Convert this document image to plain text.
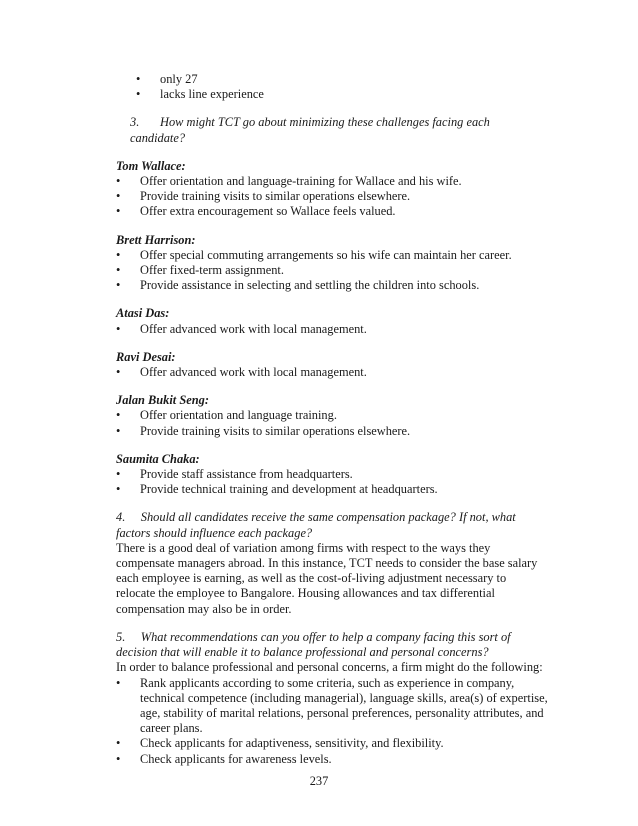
•	only 27
•	lacks line experience
3. How might TCT go about minimizing these challenges facing each
candidate?
Tom Wallace:
•	Offer orientation and language-training for Wallace and his wife.
•	Provide training visits to similar operations elsewhere.
•	Offer extra encouragement so Wallace feels valued.
Brett Harrison:
•	Offer special commuting arrangements so his wife can maintain her career.
•	Offer fixed-term assignment.
•	Provide assistance in selecting and settling the children into schools.
Atasi Das:
•	Offer advanced work with local management.
Ravi Desai:
•	Offer advanced work with local management.
Jalan Bukit Seng:
•	Offer orientation and language training.
•	Provide training visits to similar operations elsewhere.
Saumita Chaka:
•	Provide staff assistance from headquarters.
•	Provide technical training and development at headquarters.
4.     Should all candidates receive the same compensation package? If not, what
factors should influence each package?
There is a good deal of variation among firms with respect to the ways they
compensate managers abroad. In this instance, TCT needs to consider the base salary
each employee is earning, as well as the cost-of-living adjustment necessary to
relocate the employee to Bangalore. Housing allowances and tax differential
compensation may also be in order.
5.     What recommendations can you offer to help a company facing this sort of
decision that will enable it to balance professional and personal concerns?
In order to balance professional and personal concerns, a firm might do the following:
•	Rank applicants according to some criteria, such as experience in company,
technical competence (including managerial), language skills, area(s) of expertise,
age, stability of marital relations, personal preferences, personality attributes, and
career plans.
•	Check applicants for adaptiveness, sensitivity, and flexibility.
•	Check applicants for awareness levels.
237
